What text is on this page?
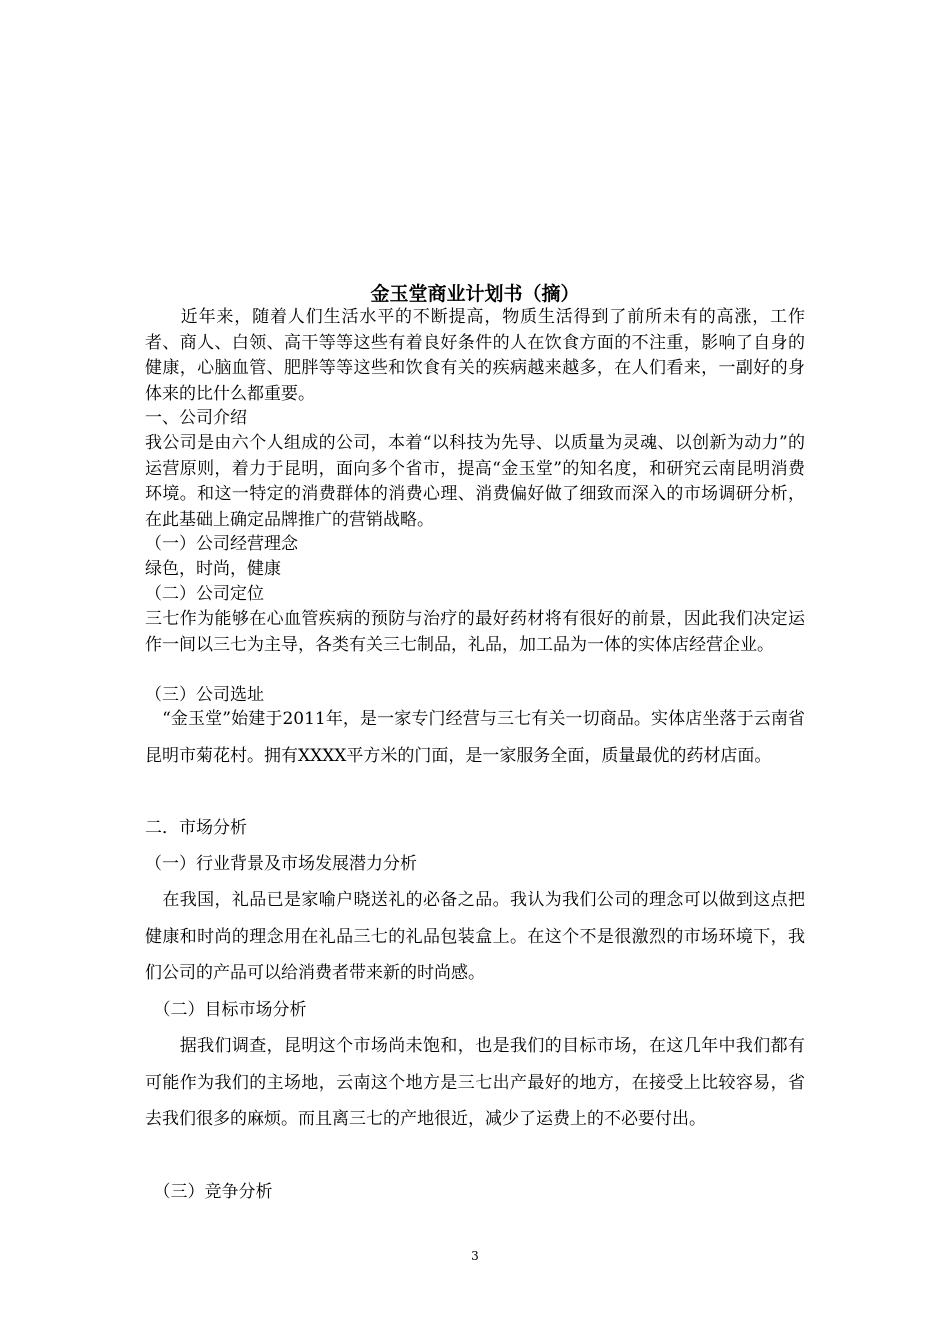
金玉堂商业计划书（摘）

　　近年来，随着人们生活水平的不断提高，物质生活得到了前所未有的高涨，工作者、商人、白领、高干等等这些有着良好条件的人在饮食方面的不注重，影响了自身的健康，心脑血管、肥胖等等这些和饮食有关的疾病越来越多，在人们看来，一副好的身体来的比什么都重要。

一、公司介绍

我公司是由六个人组成的公司，本着“以科技为先导、以质量为灵魂、以创新为动力”的运营原则，着力于昆明，面向多个省市，提高“金玉堂”的知名度，和研究云南昆明消费环境。和这一特定的消费群体的消费心理、消费偏好做了细致而深入的市场调研分析，在此基础上确定品牌推广的营销战略。

（一）公司经营理念

绿色，时尚，健康

（二）公司定位

三七作为能够在心血管疾病的预防与治疗的最好药材将有很好的前景，因此我们决定运作一间以三七为主导，各类有关三七制品，礼品，加工品为一体的实体店经营企业。

（三）公司选址

　“金玉堂”始建于2011年，是一家专门经营与三七有关一切商品。实体店坐落于云南省昆明市菊花村。拥有XXXX平方米的门面，是一家服务全面，质量最优的药材店面。

二．市场分析

（一）行业背景及市场发展潜力分析

　在我国，礼品已是家喻户晓送礼的必备之品。我认为我们公司的理念可以做到这点把健康和时尚的理念用在礼品三七的礼品包装盒上。在这个不是很激烈的市场环境下，我们公司的产品可以给消费者带来新的时尚感。

　（二）目标市场分析

　　据我们调查，昆明这个市场尚未饱和，也是我们的目标市场，在这几年中我们都有可能作为我们的主场地，云南这个地方是三七出产最好的地方，在接受上比较容易，省去我们很多的麻烦。而且离三七的产地很近，减少了运费上的不必要付出。

　（三）竞争分析

3
